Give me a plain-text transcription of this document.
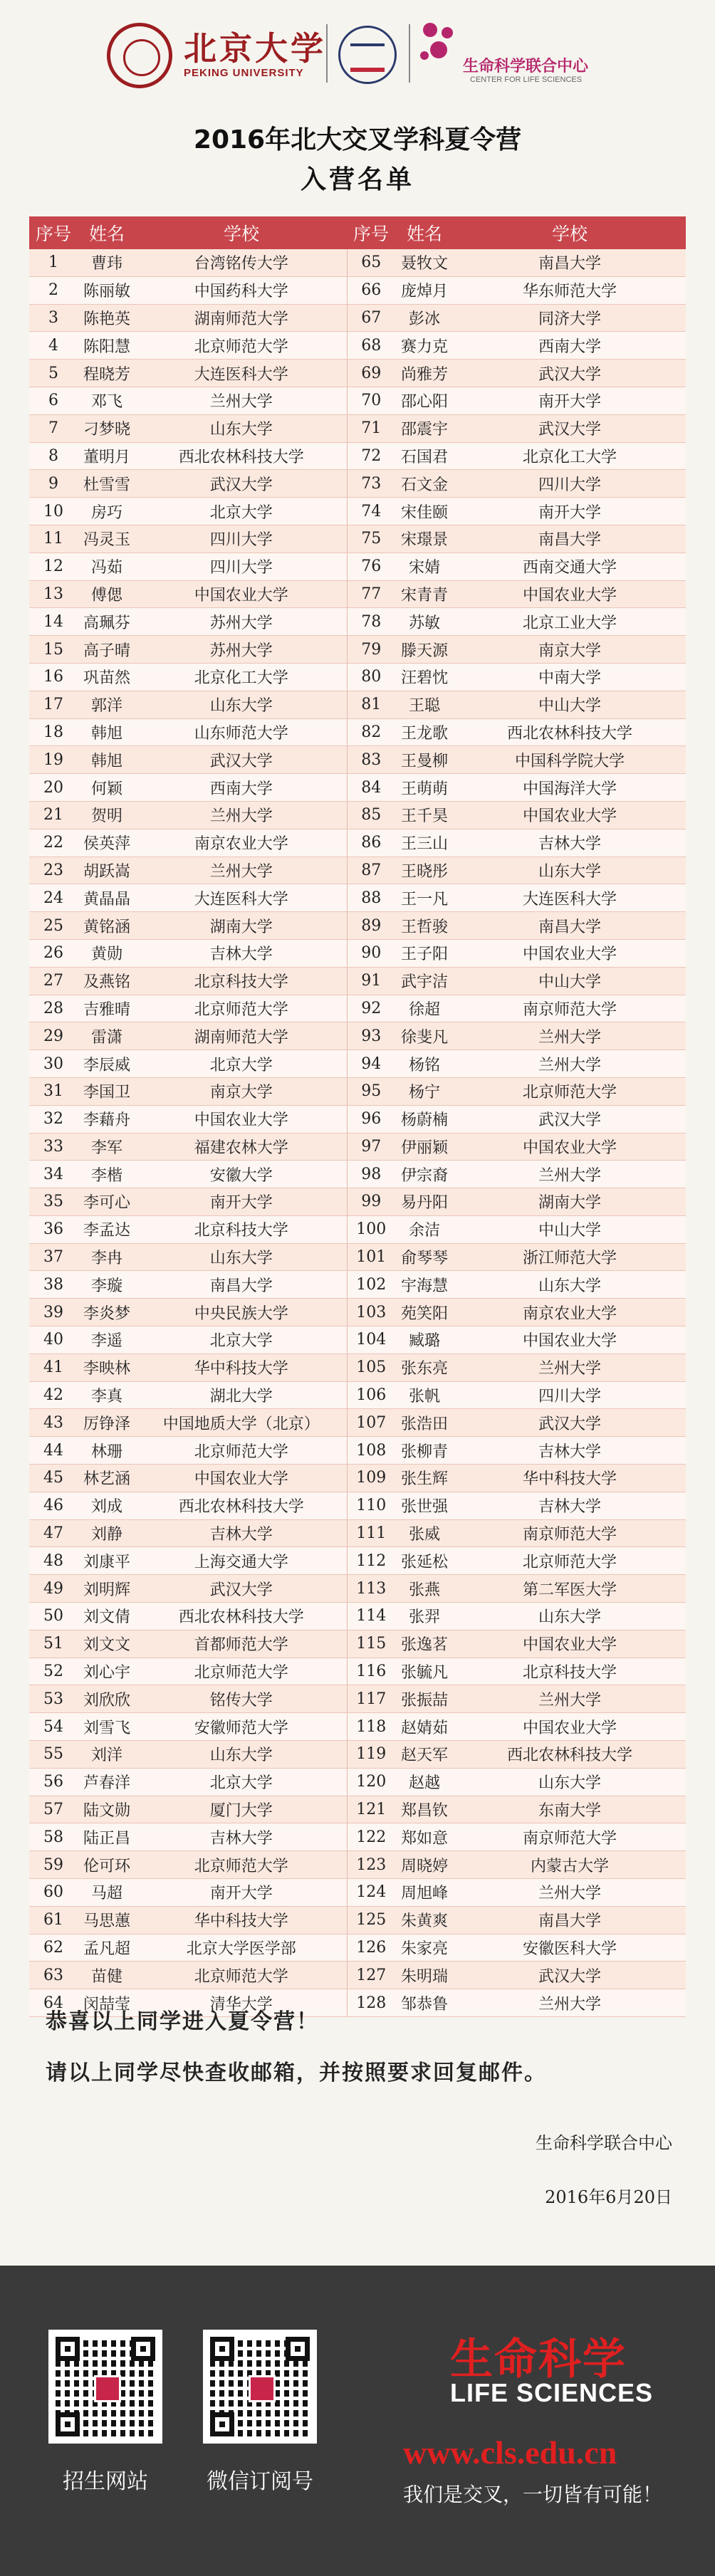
北京大学
PEKING UNIVERSITY	生命科学联合中心
CENTER FOR LIFE SCIENCES
2016年北大交叉学科夏令营
入营名单
序号	姓名	学校	序号	姓名	学校
1	曹玮	台湾铭传大学	65	聂牧文	南昌大学
2	陈丽敏	中国药科大学	66	庞焯月	华东师范大学
3	陈艳英	湖南师范大学	67	彭冰	同济大学
4	陈阳慧	北京师范大学	68	赛力克	西南大学
5	程晓芳	大连医科大学	69	尚雅芳	武汉大学
6	邓飞	兰州大学	70	邵心阳	南开大学
7	刁梦晓	山东大学	71	邵震宇	武汉大学
8	董明月	西北农林科技大学	72	石国君	北京化工大学
9	杜雪雪	武汉大学	73	石文金	四川大学
10	房巧	北京大学	74	宋佳颐	南开大学
11	冯灵玉	四川大学	75	宋璟景	南昌大学
12	冯茹	四川大学	76	宋婧	西南交通大学
13	傅偲	中国农业大学	77	宋青青	中国农业大学
14	高珮芬	苏州大学	78	苏敏	北京工业大学
15	高子晴	苏州大学	79	滕天源	南京大学
16	巩苗然	北京化工大学	80	汪碧忱	中南大学
17	郭洋	山东大学	81	王聪	中山大学
18	韩旭	山东师范大学	82	王龙歌	西北农林科技大学
19	韩旭	武汉大学	83	王曼柳	中国科学院大学
20	何颖	西南大学	84	王萌萌	中国海洋大学
21	贺明	兰州大学	85	王千昊	中国农业大学
22	侯英萍	南京农业大学	86	王三山	吉林大学
23	胡跃嵩	兰州大学	87	王晓彤	山东大学
24	黄晶晶	大连医科大学	88	王一凡	大连医科大学
25	黄铭涵	湖南大学	89	王哲骏	南昌大学
26	黄勋	吉林大学	90	王子阳	中国农业大学
27	及燕铭	北京科技大学	91	武宇洁	中山大学
28	吉雅晴	北京师范大学	92	徐超	南京师范大学
29	雷潇	湖南师范大学	93	徐斐凡	兰州大学
30	李辰威	北京大学	94	杨铭	兰州大学
31	李国卫	南京大学	95	杨宁	北京师范大学
32	李藉舟	中国农业大学	96	杨蔚楠	武汉大学
33	李军	福建农林大学	97	伊丽颖	中国农业大学
34	李楷	安徽大学	98	伊宗裔	兰州大学
35	李可心	南开大学	99	易丹阳	湖南大学
36	李孟达	北京科技大学	100	余洁	中山大学
37	李冉	山东大学	101	俞琴琴	浙江师范大学
38	李璇	南昌大学	102	宇海慧	山东大学
39	李炎梦	中央民族大学	103	苑笑阳	南京农业大学
40	李遥	北京大学	104	臧璐	中国农业大学
41	李映林	华中科技大学	105	张东亮	兰州大学
42	李真	湖北大学	106	张帆	四川大学
43	厉铮泽	中国地质大学（北京）	107	张浩田	武汉大学
44	林珊	北京师范大学	108	张柳青	吉林大学
45	林艺涵	中国农业大学	109	张生辉	华中科技大学
46	刘成	西北农林科技大学	110	张世强	吉林大学
47	刘静	吉林大学	111	张威	南京师范大学
48	刘康平	上海交通大学	112	张延松	北京师范大学
49	刘明辉	武汉大学	113	张燕	第二军医大学
50	刘文倩	西北农林科技大学	114	张羿	山东大学
51	刘文文	首都师范大学	115	张逸茗	中国农业大学
52	刘心宇	北京师范大学	116	张毓凡	北京科技大学
53	刘欣欣	铭传大学	117	张振喆	兰州大学
54	刘雪飞	安徽师范大学	118	赵婧茹	中国农业大学
55	刘洋	山东大学	119	赵天军	西北农林科技大学
56	芦春洋	北京大学	120	赵越	山东大学
57	陆文勋	厦门大学	121	郑昌钦	东南大学
58	陆正昌	吉林大学	122	郑如意	南京师范大学
59	伦可环	北京师范大学	123	周晓婷	内蒙古大学
60	马超	南开大学	124	周旭峰	兰州大学
61	马思蕙	华中科技大学	125	朱黄爽	南昌大学
62	孟凡超	北京大学医学部	126	朱家亮	安徽医科大学
63	苗健	北京师范大学	127	朱明瑞	武汉大学
64	闵喆莹	清华大学	128	邹恭鲁	兰州大学
恭喜以上同学进入夏令营！
请以上同学尽快查收邮箱，并按照要求回复邮件。
生命科学联合中心
2016年6月20日
招生网站	微信订阅号
生命科学
LIFE SCIENCES
www.cls.edu.cn
我们是交叉，一切皆有可能！
